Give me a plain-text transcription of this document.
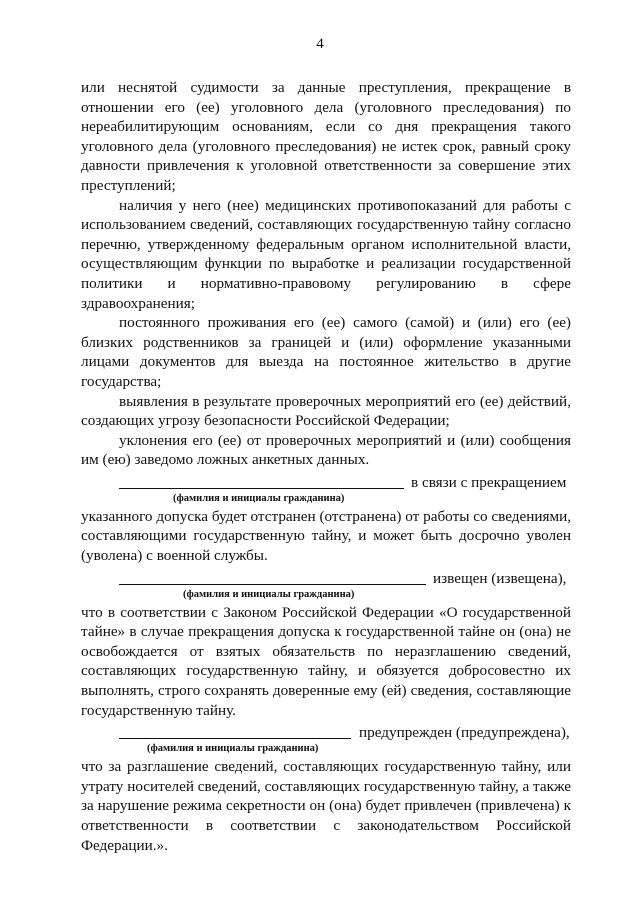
4

или неснятой судимости за данные преступления, прекращение в отношении его (ее) уголовного дела (уголовного преследования) по нереабилитирующим основаниям, если со дня прекращения такого уголовного дела (уголовного преследования) не истек срок, равный сроку давности привлечения к уголовной ответственности за совершение этих преступлений;

наличия у него (нее) медицинских противопоказаний для работы с использованием сведений, составляющих государственную тайну согласно перечню, утвержденному федеральным органом исполнительной власти, осуществляющим функции по выработке и реализации государственной политики и нормативно-правовому регулированию в сфере здравоохранения;

постоянного проживания его (ее) самого (самой) и (или) его (ее) близких родственников за границей и (или) оформление указанными лицами документов для выезда на постоянное жительство в другие государства;

выявления в результате проверочных мероприятий его (ее) действий, создающих угрозу безопасности Российской Федерации;

уклонения его (ее) от проверочных мероприятий и (или) сообщения им (ею) заведомо ложных анкетных данных.

в связи с прекращением
(фамилия и инициалы гражданина)

указанного допуска будет отстранен (отстранена) от работы со сведениями, составляющими государственную тайну, и может быть досрочно уволен (уволена) с военной службы.

извещен (извещена),
(фамилия и инициалы гражданина)

что в соответствии с Законом Российской Федерации «О государственной тайне» в случае прекращения допуска к государственной тайне он (она) не освобождается от взятых обязательств по неразглашению сведений, составляющих государственную тайну, и обязуется добросовестно их выполнять, строго сохранять доверенные ему (ей) сведения, составляющие государственную тайну.

предупрежден (предупреждена),
(фамилия и инициалы гражданина)

что за разглашение сведений, составляющих государственную тайну, или утрату носителей сведений, составляющих государственную тайну, а также за нарушение режима секретности он (она) будет привлечен (привлечена) к ответственности в соответствии с законодательством Российской Федерации.».
